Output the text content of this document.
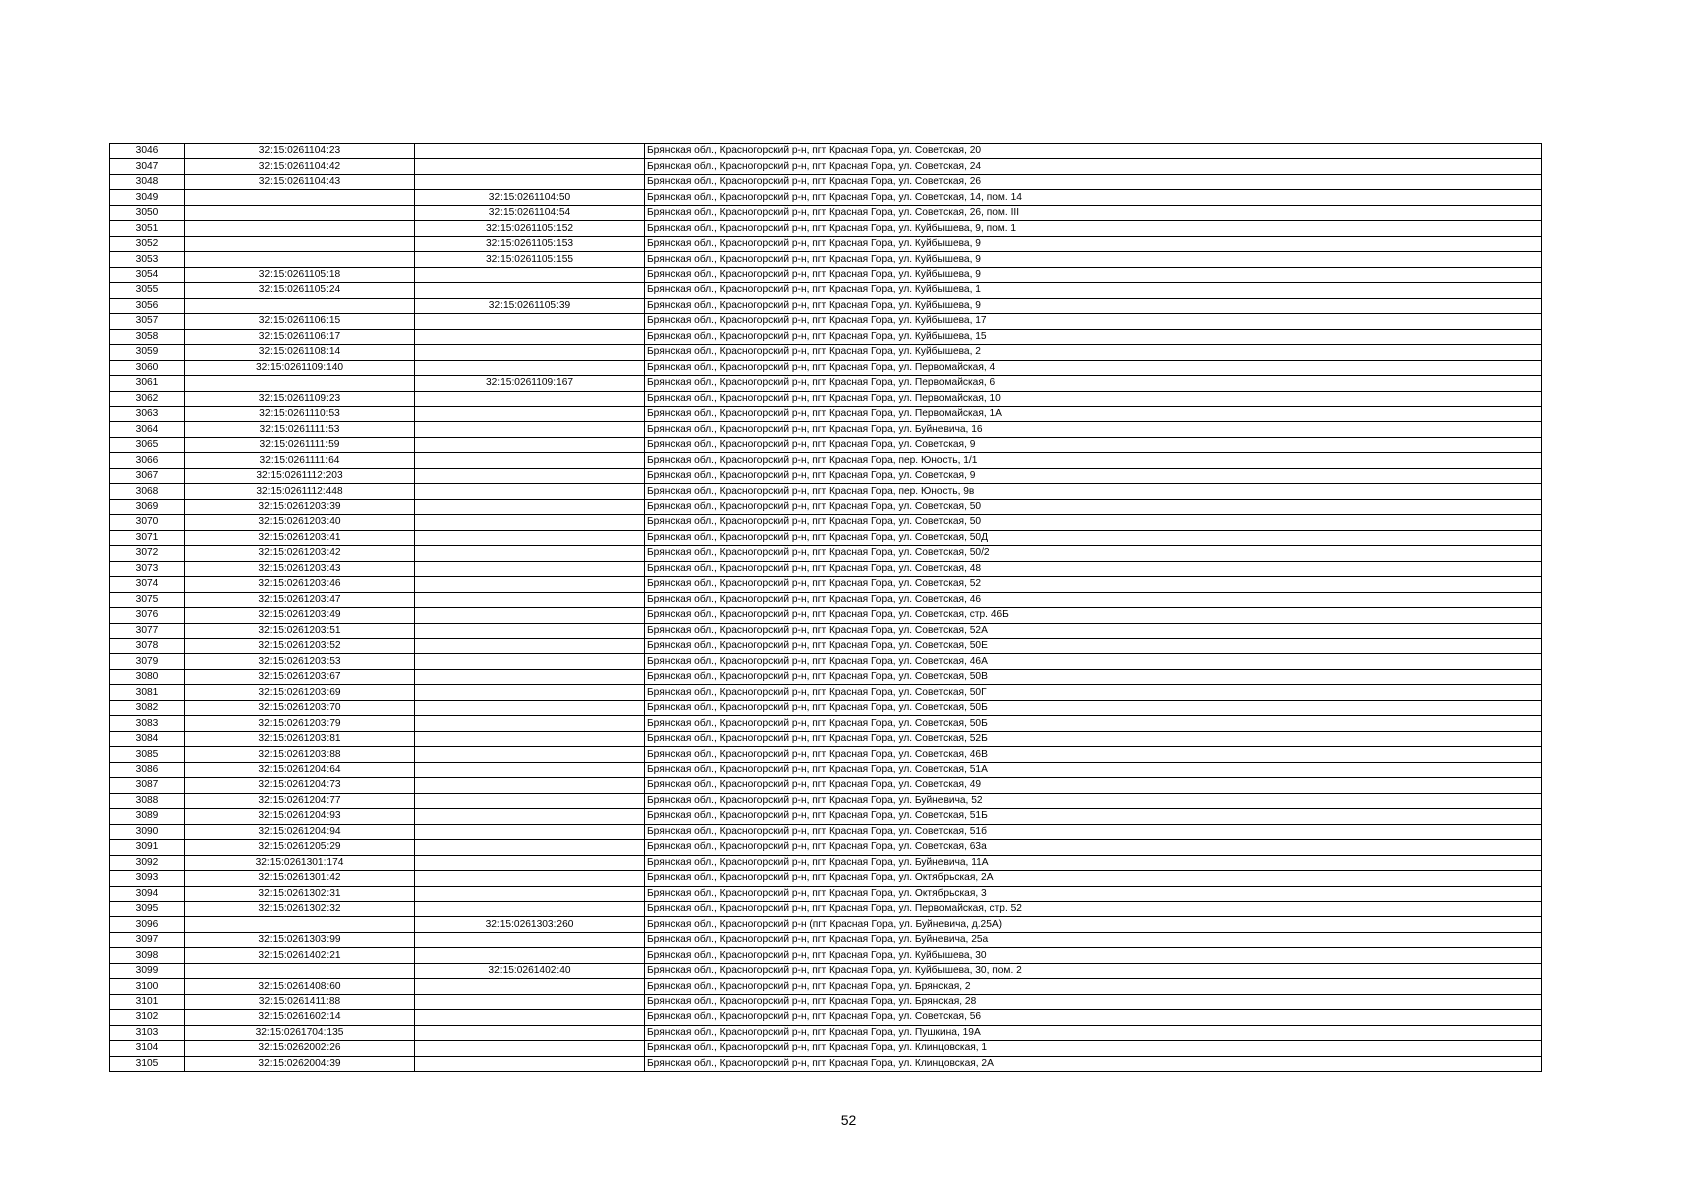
3046	32:15:0261104:23		Брянская обл., Красногорский р-н, пгт Красная Гора, ул. Советская, 20
3047	32:15:0261104:42		Брянская обл., Красногорский р-н, пгт Красная Гора, ул. Советская, 24
3048	32:15:0261104:43		Брянская обл., Красногорский р-н, пгт Красная Гора, ул. Советская, 26
3049		32:15:0261104:50	Брянская обл., Красногорский р-н, пгт Красная Гора, ул. Советская, 14, пом. 14
3050		32:15:0261104:54	Брянская обл., Красногорский р-н, пгт Красная Гора, ул. Советская, 26, пом. III
3051		32:15:0261105:152	Брянская обл., Красногорский р-н, пгт Красная Гора, ул. Куйбышева, 9, пом. 1
3052		32:15:0261105:153	Брянская обл., Красногорский р-н, пгт Красная Гора, ул. Куйбышева, 9
3053		32:15:0261105:155	Брянская обл., Красногорский р-н, пгт Красная Гора, ул. Куйбышева, 9
3054	32:15:0261105:18		Брянская обл., Красногорский р-н, пгт Красная Гора, ул. Куйбышева, 9
3055	32:15:0261105:24		Брянская обл., Красногорский р-н, пгт Красная Гора, ул. Куйбышева, 1
3056		32:15:0261105:39	Брянская обл., Красногорский р-н, пгт Красная Гора, ул. Куйбышева, 9
3057	32:15:0261106:15		Брянская обл., Красногорский р-н, пгт Красная Гора, ул. Куйбышева, 17
3058	32:15:0261106:17		Брянская обл., Красногорский р-н, пгт Красная Гора, ул. Куйбышева, 15
3059	32:15:0261108:14		Брянская обл., Красногорский р-н, пгт Красная Гора, ул. Куйбышева, 2
3060	32:15:0261109:140		Брянская обл., Красногорский р-н, пгт Красная Гора, ул. Первомайская, 4
3061		32:15:0261109:167	Брянская обл., Красногорский р-н, пгт Красная Гора, ул. Первомайская, 6
3062	32:15:0261109:23		Брянская обл., Красногорский р-н, пгт Красная Гора, ул. Первомайская, 10
3063	32:15:0261110:53		Брянская обл., Красногорский р-н, пгт Красная Гора, ул. Первомайская, 1А
3064	32:15:0261111:53		Брянская обл., Красногорский р-н, пгт Красная Гора, ул. Буйневича, 16
3065	32:15:0261111:59		Брянская обл., Красногорский р-н, пгт Красная Гора, ул. Советская, 9
3066	32:15:0261111:64		Брянская обл., Красногорский р-н, пгт Красная Гора, пер. Юность, 1/1
3067	32:15:0261112:203		Брянская обл., Красногорский р-н, пгт Красная Гора, ул. Советская, 9
3068	32:15:0261112:448		Брянская обл., Красногорский р-н, пгт Красная Гора, пер. Юность, 9в
3069	32:15:0261203:39		Брянская обл., Красногорский р-н, пгт Красная Гора, ул. Советская, 50
3070	32:15:0261203:40		Брянская обл., Красногорский р-н, пгт Красная Гора, ул. Советская, 50
3071	32:15:0261203:41		Брянская обл., Красногорский р-н, пгт Красная Гора, ул. Советская, 50Д
3072	32:15:0261203:42		Брянская обл., Красногорский р-н, пгт Красная Гора, ул. Советская, 50/2
3073	32:15:0261203:43		Брянская обл., Красногорский р-н, пгт Красная Гора, ул. Советская, 48
3074	32:15:0261203:46		Брянская обл., Красногорский р-н, пгт Красная Гора, ул. Советская, 52
3075	32:15:0261203:47		Брянская обл., Красногорский р-н, пгт Красная Гора, ул. Советская, 46
3076	32:15:0261203:49		Брянская обл., Красногорский р-н, пгт Красная Гора, ул. Советская, стр. 46Б
3077	32:15:0261203:51		Брянская обл., Красногорский р-н, пгт Красная Гора, ул. Советская, 52А
3078	32:15:0261203:52		Брянская обл., Красногорский р-н, пгт Красная Гора, ул. Советская, 50Е
3079	32:15:0261203:53		Брянская обл., Красногорский р-н, пгт Красная Гора, ул. Советская, 46А
3080	32:15:0261203:67		Брянская обл., Красногорский р-н, пгт Красная Гора, ул. Советская, 50В
3081	32:15:0261203:69		Брянская обл., Красногорский р-н, пгт Красная Гора, ул. Советская, 50Г
3082	32:15:0261203:70		Брянская обл., Красногорский р-н, пгт Красная Гора, ул. Советская, 50Б
3083	32:15:0261203:79		Брянская обл., Красногорский р-н, пгт Красная Гора, ул. Советская, 50Б
3084	32:15:0261203:81		Брянская обл., Красногорский р-н, пгт Красная Гора, ул. Советская, 52Б
3085	32:15:0261203:88		Брянская обл., Красногорский р-н, пгт Красная Гора, ул. Советская, 46В
3086	32:15:0261204:64		Брянская обл., Красногорский р-н, пгт Красная Гора, ул. Советская, 51А
3087	32:15:0261204:73		Брянская обл., Красногорский р-н, пгт Красная Гора, ул. Советская, 49
3088	32:15:0261204:77		Брянская обл., Красногорский р-н, пгт Красная Гора, ул. Буйневича, 52
3089	32:15:0261204:93		Брянская обл., Красногорский р-н, пгт Красная Гора, ул. Советская, 51Б
3090	32:15:0261204:94		Брянская обл., Красногорский р-н, пгт Красная Гора, ул. Советская, 51б
3091	32:15:0261205:29		Брянская обл., Красногорский р-н, пгт Красная Гора, ул. Советская, 63а
3092	32:15:0261301:174		Брянская обл., Красногорский р-н, пгт Красная Гора, ул. Буйневича, 11А
3093	32:15:0261301:42		Брянская обл., Красногорский р-н, пгт Красная Гора, ул. Октябрьская, 2А
3094	32:15:0261302:31		Брянская обл., Красногорский р-н, пгт Красная Гора, ул. Октябрьская, 3
3095	32:15:0261302:32		Брянская обл., Красногорский р-н, пгт Красная Гора, ул. Первомайская, стр. 52
3096		32:15:0261303:260	Брянская обл., Красногорский р-н (пгт Красная Гора, ул. Буйневича, д.25А)
3097	32:15:0261303:99		Брянская обл., Красногорский р-н, пгт Красная Гора, ул. Буйневича, 25а
3098	32:15:0261402:21		Брянская обл., Красногорский р-н, пгт Красная Гора, ул. Куйбышева, 30
3099		32:15:0261402:40	Брянская обл., Красногорский р-н, пгт Красная Гора, ул. Куйбышева, 30, пом. 2
3100	32:15:0261408:60		Брянская обл., Красногорский р-н, пгт Красная Гора, ул. Брянская, 2
3101	32:15:0261411:88		Брянская обл., Красногорский р-н, пгт Красная Гора, ул. Брянская, 28
3102	32:15:0261602:14		Брянская обл., Красногорский р-н, пгт Красная Гора, ул. Советская, 56
3103	32:15:0261704:135		Брянская обл., Красногорский р-н, пгт Красная Гора, ул. Пушкина, 19А
3104	32:15:0262002:26		Брянская обл., Красногорский р-н, пгт Красная Гора, ул. Клинцовская, 1
3105	32:15:0262004:39		Брянская обл., Красногорский р-н, пгт Красная Гора, ул. Клинцовская, 2А
52
